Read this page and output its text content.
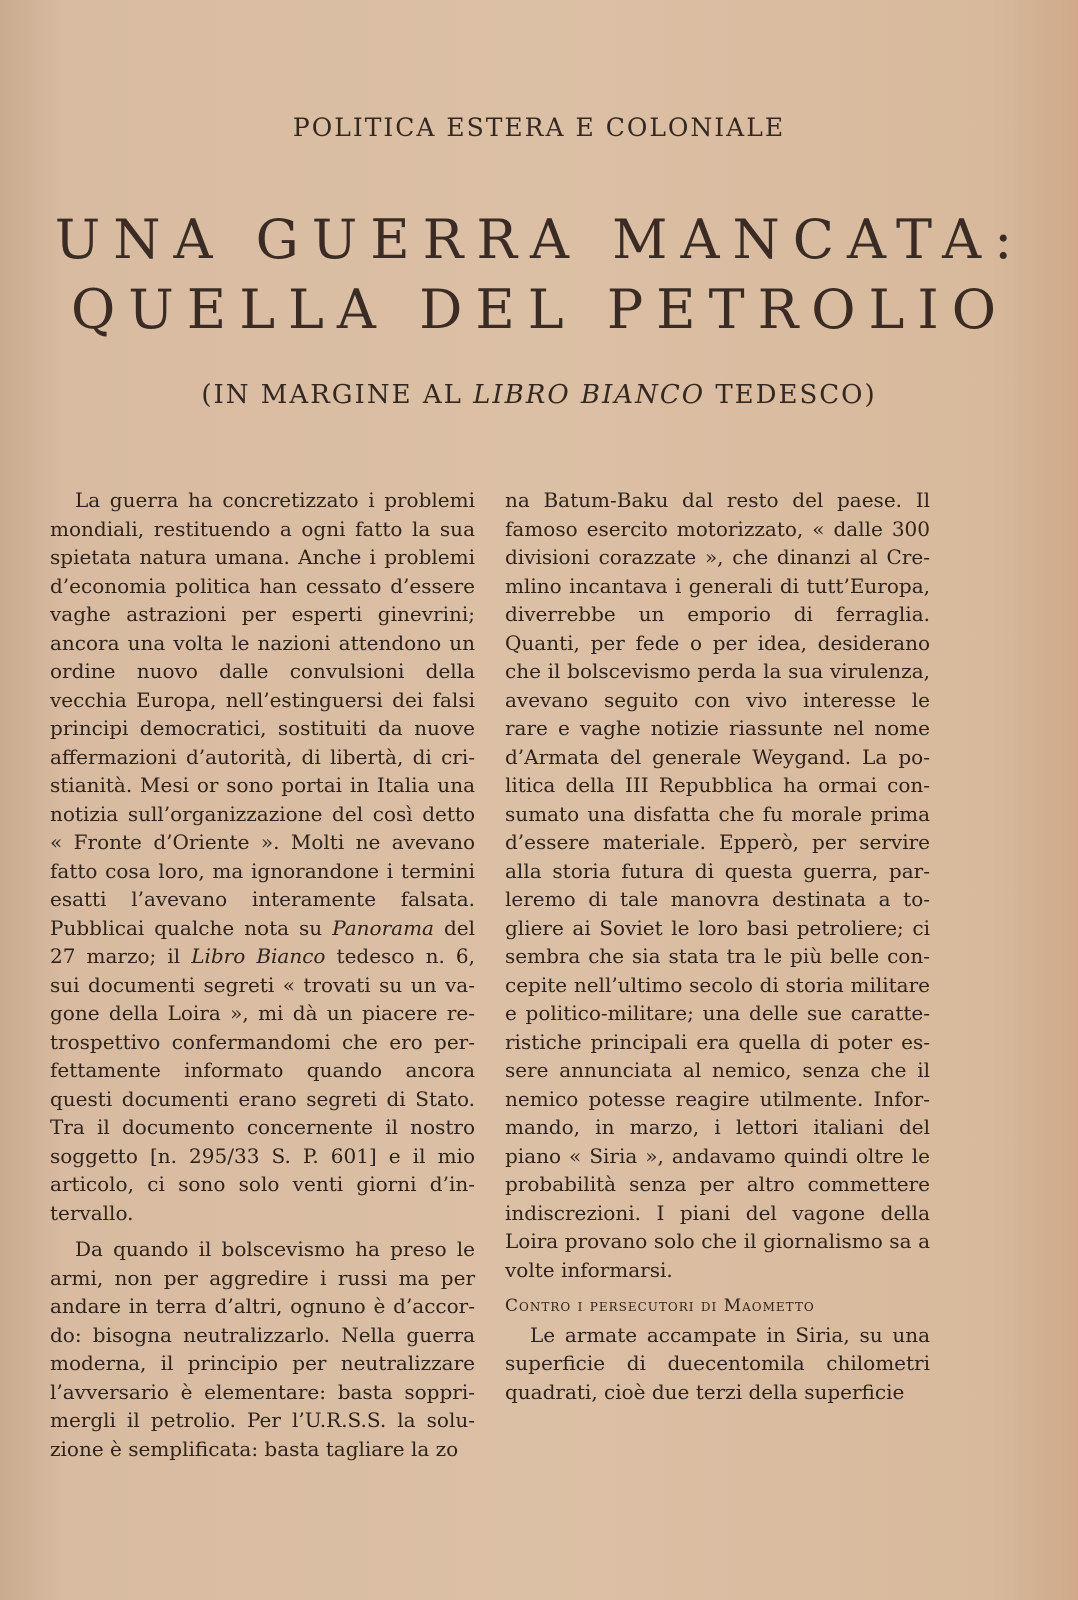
POLITICA ESTERA E COLONIALE
UNA GUERRA MANCATA:
QUELLA DEL PETROLIO
(IN MARGINE AL LIBRO BIANCO TEDESCO)

La guerra ha concretizzato i problemi mondiali, restituendo a ogni fatto la sua spietata natura umana. Anche i problemi d’economia politica han cessato d’essere vaghe astrazioni per esperti ginevrini; ancora una volta le nazioni attendono un ordine nuovo dalle convulsioni della vecchia Europa, nell’estinguersi dei falsi principi democratici, sostituiti da nuove affermazioni d’autorità, di libertà, di cristianità. Mesi or sono portai in Italia una notizia sull’organizzazione del così detto « Fronte d’Oriente ». Molti ne avevano fatto cosa loro, ma ignorandone i termini esatti l’avevano interamente falsata. Pubblicai qualche nota su Panorama del 27 marzo; il Libro Bianco tedesco n. 6, sui documenti segreti « trovati su un vagone della Loira », mi dà un piacere retrospettivo confermandomi che ero perfettamente informato quando ancora questi documenti erano segreti di Stato. Tra il documento concernente il nostro soggetto [n. 295/33 S. P. 601] e il mio articolo, ci sono solo venti giorni d’intervallo.

Da quando il bolscevismo ha preso le armi, non per aggredire i russi ma per andare in terra d’altri, ognuno è d’accordo: bisogna neutralizzarlo. Nella guerra moderna, il principio per neutralizzare l’avversario è elementare: basta sopprimergli il petrolio. Per l’U.R.S.S. la soluzione è semplificata: basta tagliare la zo

na Batum-Baku dal resto del paese. Il famoso esercito motorizzato, « dalle 300 divisioni corazzate », che dinanzi al Cremlino incantava i generali di tutt’Europa, diverrebbe un emporio di ferraglia. Quanti, per fede o per idea, desiderano che il bolscevismo perda la sua virulenza, avevano seguito con vivo interesse le rare e vaghe notizie riassunte nel nome d’Armata del generale Weygand. La politica della III Repubblica ha ormai consumato una disfatta che fu morale prima d’essere materiale. Epperò, per servire alla storia futura di questa guerra, parleremo di tale manovra destinata a togliere ai Soviet le loro basi petroliere; ci sembra che sia stata tra le più belle concepite nell’ultimo secolo di storia militare e politico-militare; una delle sue caratteristiche principali era quella di poter essere annunciata al nemico, senza che il nemico potesse reagire utilmente. Informando, in marzo, i lettori italiani del piano « Siria », andavamo quindi oltre le probabilità senza per altro commettere indiscrezioni. I piani del vagone della Loira provano solo che il giornalismo sa a volte informarsi.

Contro i persecutori di Maometto

Le armate accampate in Siria, su una superficie di duecentomila chilometri quadrati, cioè due terzi della superficie
